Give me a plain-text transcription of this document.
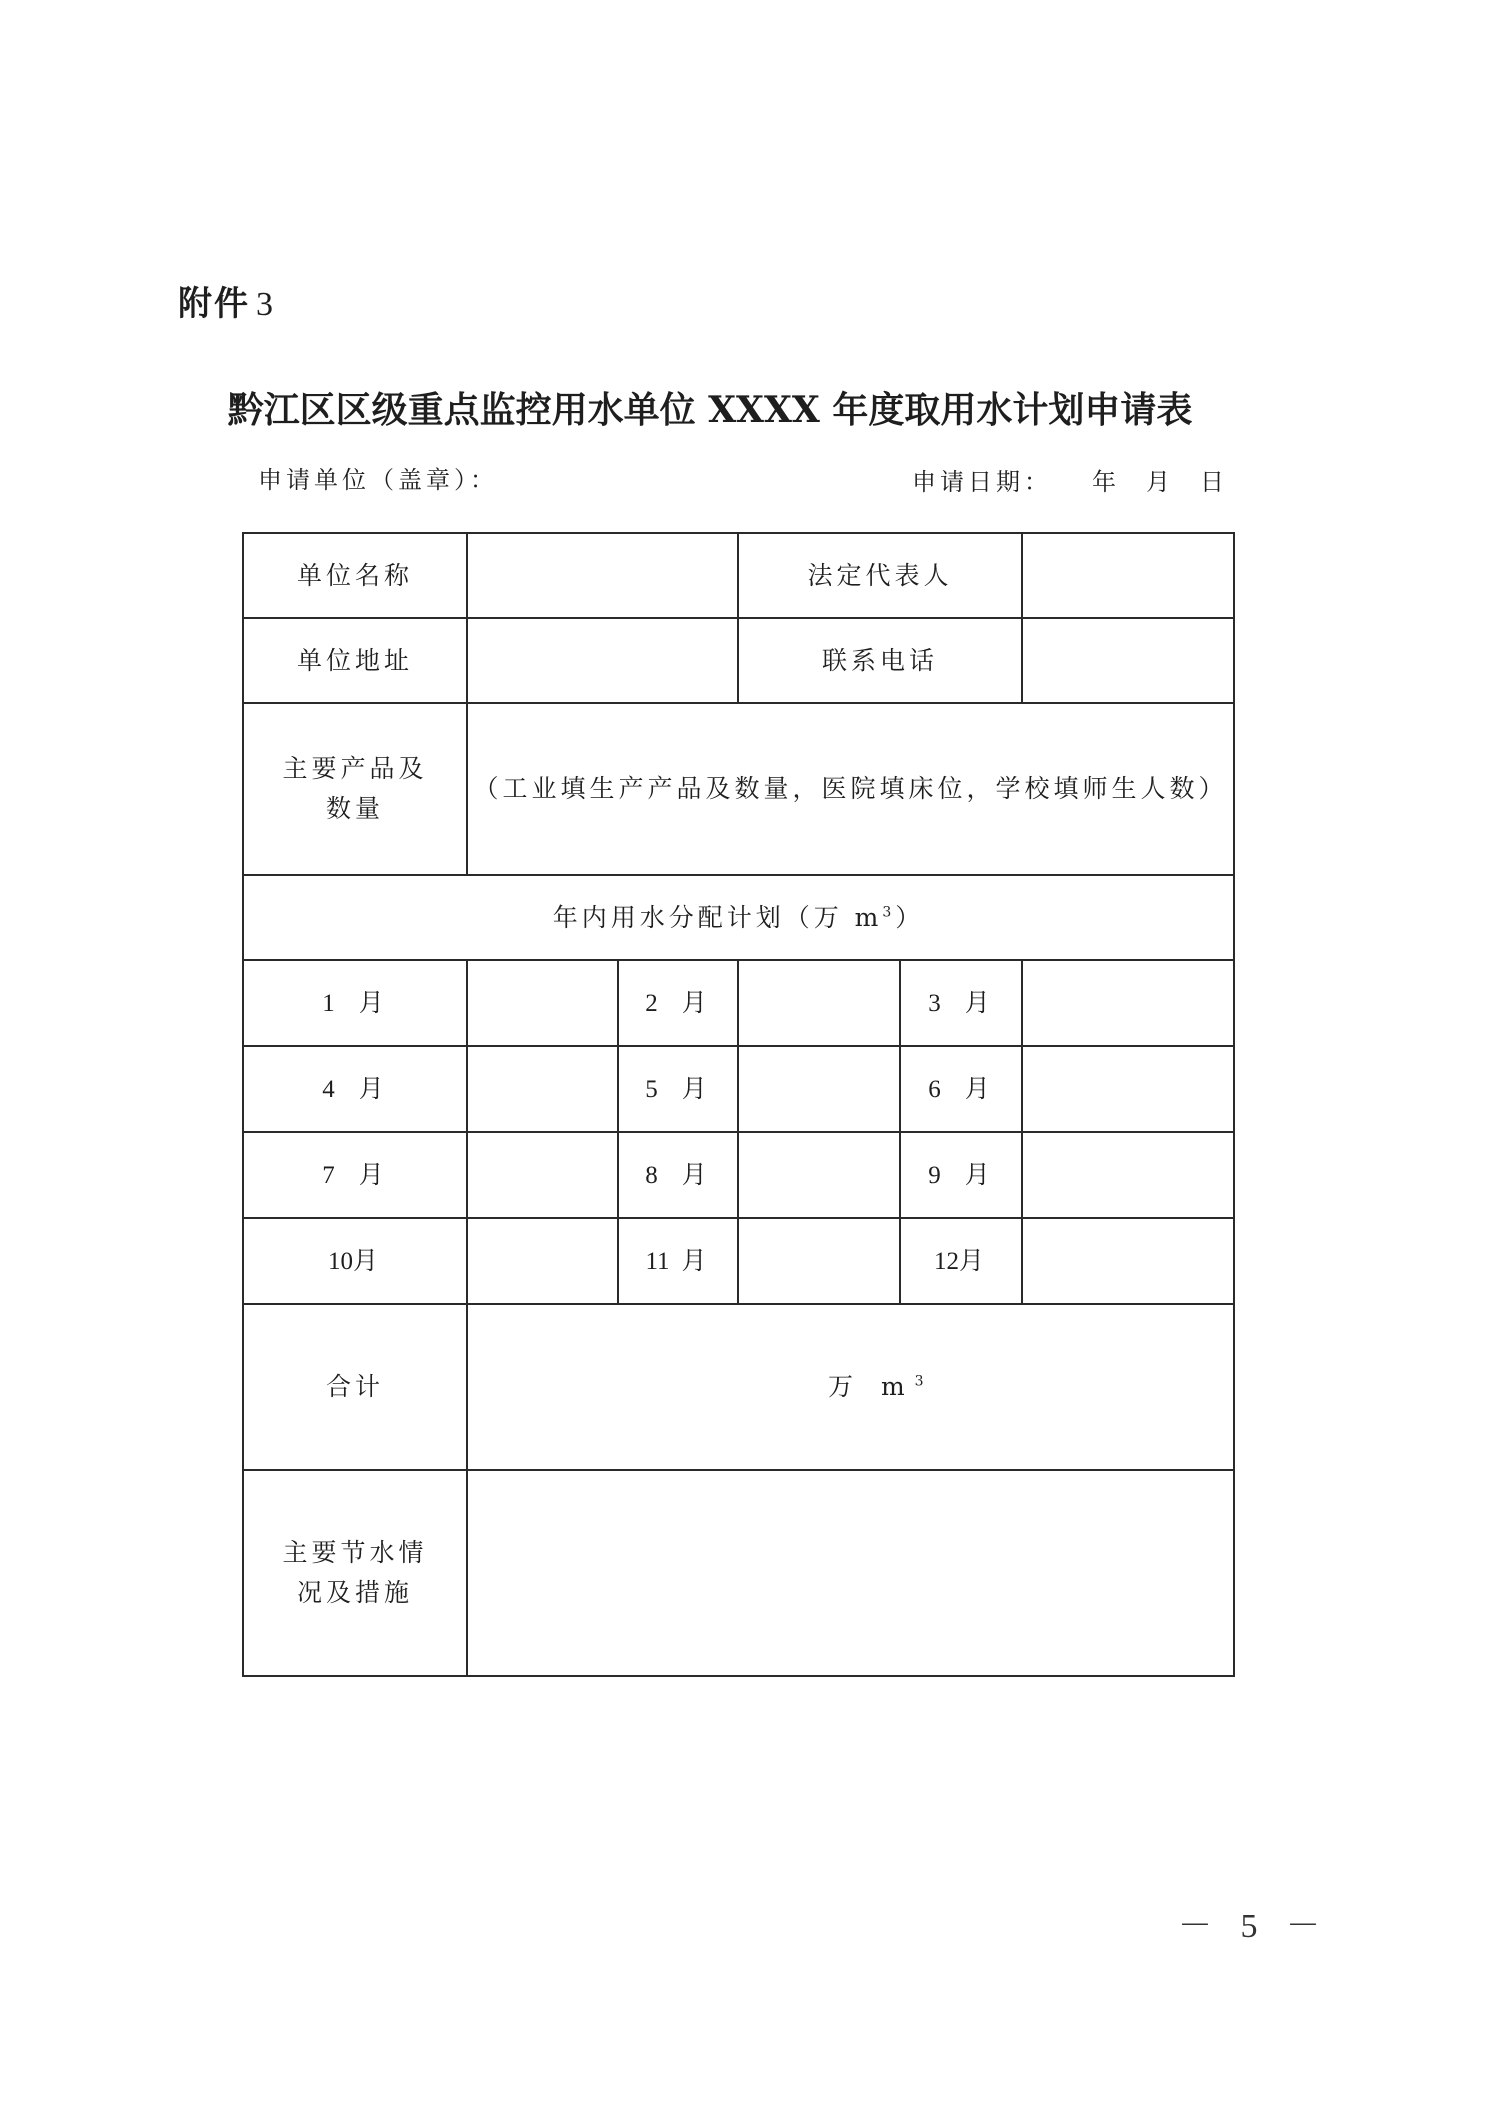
附件 3
黔江区区级重点监控用水单位 XXXX 年度取用水计划申请表
申请单位（盖章）：	申请日期： 年 月 日
单位名称			法定代表人		
单位地址			联系电话		

主要产品及
数量	（工业填生产产品及数量，医院填床位，学校填师生人数）				
年内用水分配计划（万 $m^3$）					
1 月		2 月		3 月	
4 月		5 月		6 月	
7 月		8 月		9 月	
10月		11 月		12月	
合计	万 $m^3$

主要节水情
况及措施					

－ 5 －
